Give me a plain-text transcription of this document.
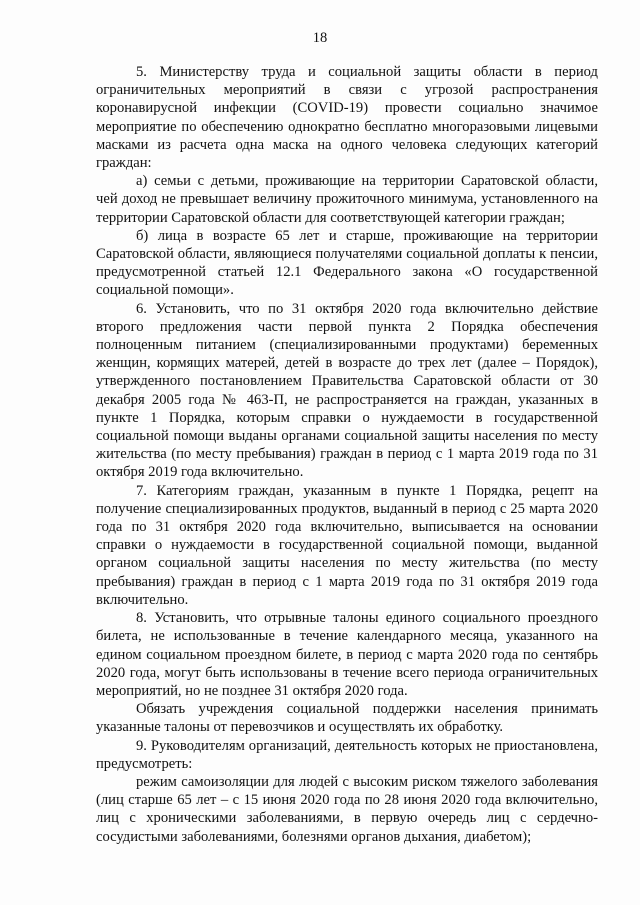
18

5. Министерству труда и социальной защиты области в период ограничительных мероприятий в связи с угрозой распространения коронавирусной инфекции (COVID-19) провести социально значимое мероприятие по обеспечению однократно бесплатно многоразовыми лицевыми масками из расчета одна маска на одного человека следующих категорий граждан:

а) семьи с детьми, проживающие на территории Саратовской области, чей доход не превышает величину прожиточного минимума, установленного на территории Саратовской области для соответствующей категории граждан;

б) лица в возрасте 65 лет и старше, проживающие на территории Саратовской области, являющиеся получателями социальной доплаты к пенсии, предусмотренной статьей 12.1 Федерального закона «О государственной социальной помощи».

6. Установить, что по 31 октября 2020 года включительно действие второго предложения части первой пункта 2 Порядка обеспечения полноценным питанием (специализированными продуктами) беременных женщин, кормящих матерей, детей в возрасте до трех лет (далее – Порядок), утвержденного постановлением Правительства Саратовской области от 30 декабря 2005 года № 463-П, не распространяется на граждан, указанных в пункте 1 Порядка, которым справки о нуждаемости в государственной социальной помощи выданы органами социальной защиты населения по месту жительства (по месту пребывания) граждан в период с 1 марта 2019 года по 31 октября 2019 года включительно.

7. Категориям граждан, указанным в пункте 1 Порядка, рецепт на получение специализированных продуктов, выданный в период с 25 марта 2020 года по 31 октября 2020 года включительно, выписывается на основании справки о нуждаемости в государственной социальной помощи, выданной органом социальной защиты населения по месту жительства (по месту пребывания) граждан в период с 1 марта 2019 года по 31 октября 2019 года включительно.

8. Установить, что отрывные талоны единого социального проездного билета, не использованные в течение календарного месяца, указанного на едином социальном проездном билете, в период с марта 2020 года по сентябрь 2020 года, могут быть использованы в течение всего периода ограничительных мероприятий, но не позднее 31 октября 2020 года.

Обязать учреждения социальной поддержки населения принимать указанные талоны от перевозчиков и осуществлять их обработку.

9. Руководителям организаций, деятельность которых не приостановлена, предусмотреть:

режим самоизоляции для людей с высоким риском тяжелого заболевания (лиц старше 65 лет – с 15 июня 2020 года по 28 июня 2020 года включительно, лиц с хроническими заболеваниями, в первую очередь лиц с сердечно-сосудистыми заболеваниями, болезнями органов дыхания, диабетом);
